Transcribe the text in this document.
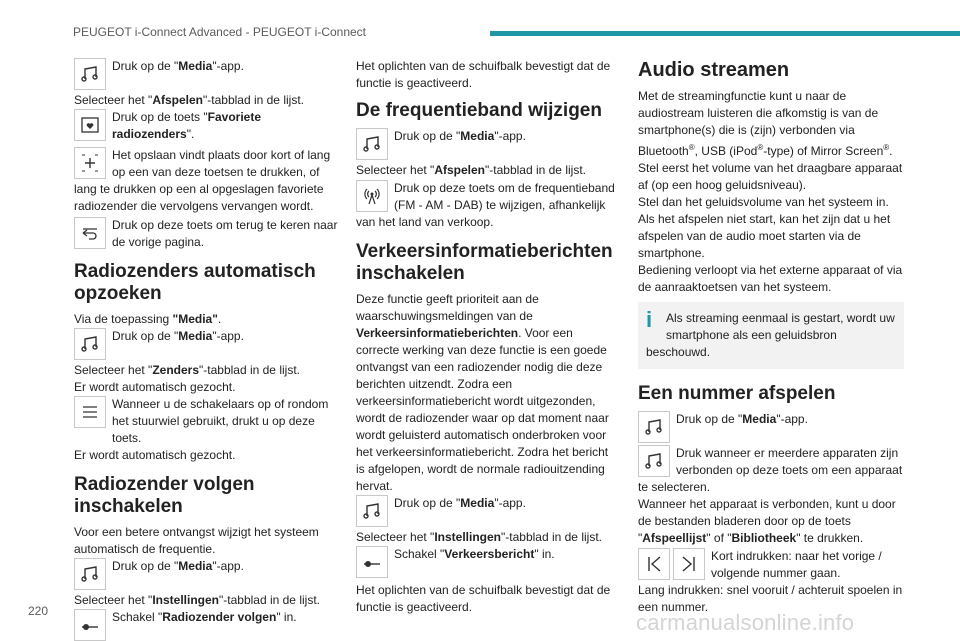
PEUGEOT i-Connect Advanced - PEUGEOT i-Connect

Druk op de "Media"-app.

Selecteer het "Afspelen"-tabblad in de lijst.

Druk op de toets "Favoriete radiozenders".

Het opslaan vindt plaats door kort of lang op een van deze toetsen te drukken, of lang te drukken op een al opgeslagen favoriete radiozender die vervolgens vervangen wordt.

Druk op deze toets om terug te keren naar de vorige pagina.

Radiozenders automatisch opzoeken

Via de toepassing "Media".

Druk op de "Media"-app.

Selecteer het "Zenders"-tabblad in de lijst.

Er wordt automatisch gezocht.

Wanneer u de schakelaars op of rondom het stuurwiel gebruikt, drukt u op deze toets.

Er wordt automatisch gezocht.

Radiozender volgen inschakelen

Voor een betere ontvangst wijzigt het systeem automatisch de frequentie.

Druk op de "Media"-app.

Selecteer het "Instellingen"-tabblad in de lijst.

Schakel "Radiozender volgen" in.

Het oplichten van de schuifbalk bevestigt dat de functie is geactiveerd.

De frequentieband wijzigen

Druk op de "Media"-app.

Selecteer het "Afspelen"-tabblad in de lijst.

Druk op deze toets om de frequentieband (FM - AM - DAB) te wijzigen, afhankelijk van het land van verkoop.

Verkeersinformatieberichten inschakelen

Deze functie geeft prioriteit aan de waarschuwingsmeldingen van de Verkeersinformatieberichten. Voor een correcte werking van deze functie is een goede ontvangst van een radiozender nodig die deze berichten uitzendt. Zodra een verkeersinformatiebericht wordt uitgezonden, wordt de radiozender waar op dat moment naar wordt geluisterd automatisch onderbroken voor het verkeersinformatiebericht. Zodra het bericht is afgelopen, wordt de normale radiouitzending hervat.

Druk op de "Media"-app.

Selecteer het "Instellingen"-tabblad in de lijst.

Schakel "Verkeersbericht" in.

Het oplichten van de schuifbalk bevestigt dat de functie is geactiveerd.

Audio streamen

Met de streamingfunctie kunt u naar de audiostream luisteren die afkomstig is van de smartphone(s) die is (zijn) verbonden via Bluetooth®, USB (iPod®-type) of Mirror Screen®.

Stel eerst het volume van het draagbare apparaat af (op een hoog geluidsniveau).

Stel dan het geluidsvolume van het systeem in.

Als het afspelen niet start, kan het zijn dat u het afspelen van de audio moet starten via de smartphone.

Bediening verloopt via het externe apparaat of via de aanraaktoetsen van het systeem.

i	Als streaming eenmaal is gestart, wordt uw smartphone als een geluidsbron beschouwd.

Een nummer afspelen

Druk op de "Media"-app.

Druk wanneer er meerdere apparaten zijn verbonden op deze toets om een apparaat te selecteren.

Wanneer het apparaat is verbonden, kunt u door de bestanden bladeren door op de toets "Afspeellijst" of "Bibliotheek" te drukken.

Kort indrukken: naar het vorige / volgende nummer gaan.

Lang indrukken: snel vooruit / achteruit spoelen in een nummer.

220	carmanualsonline.info
